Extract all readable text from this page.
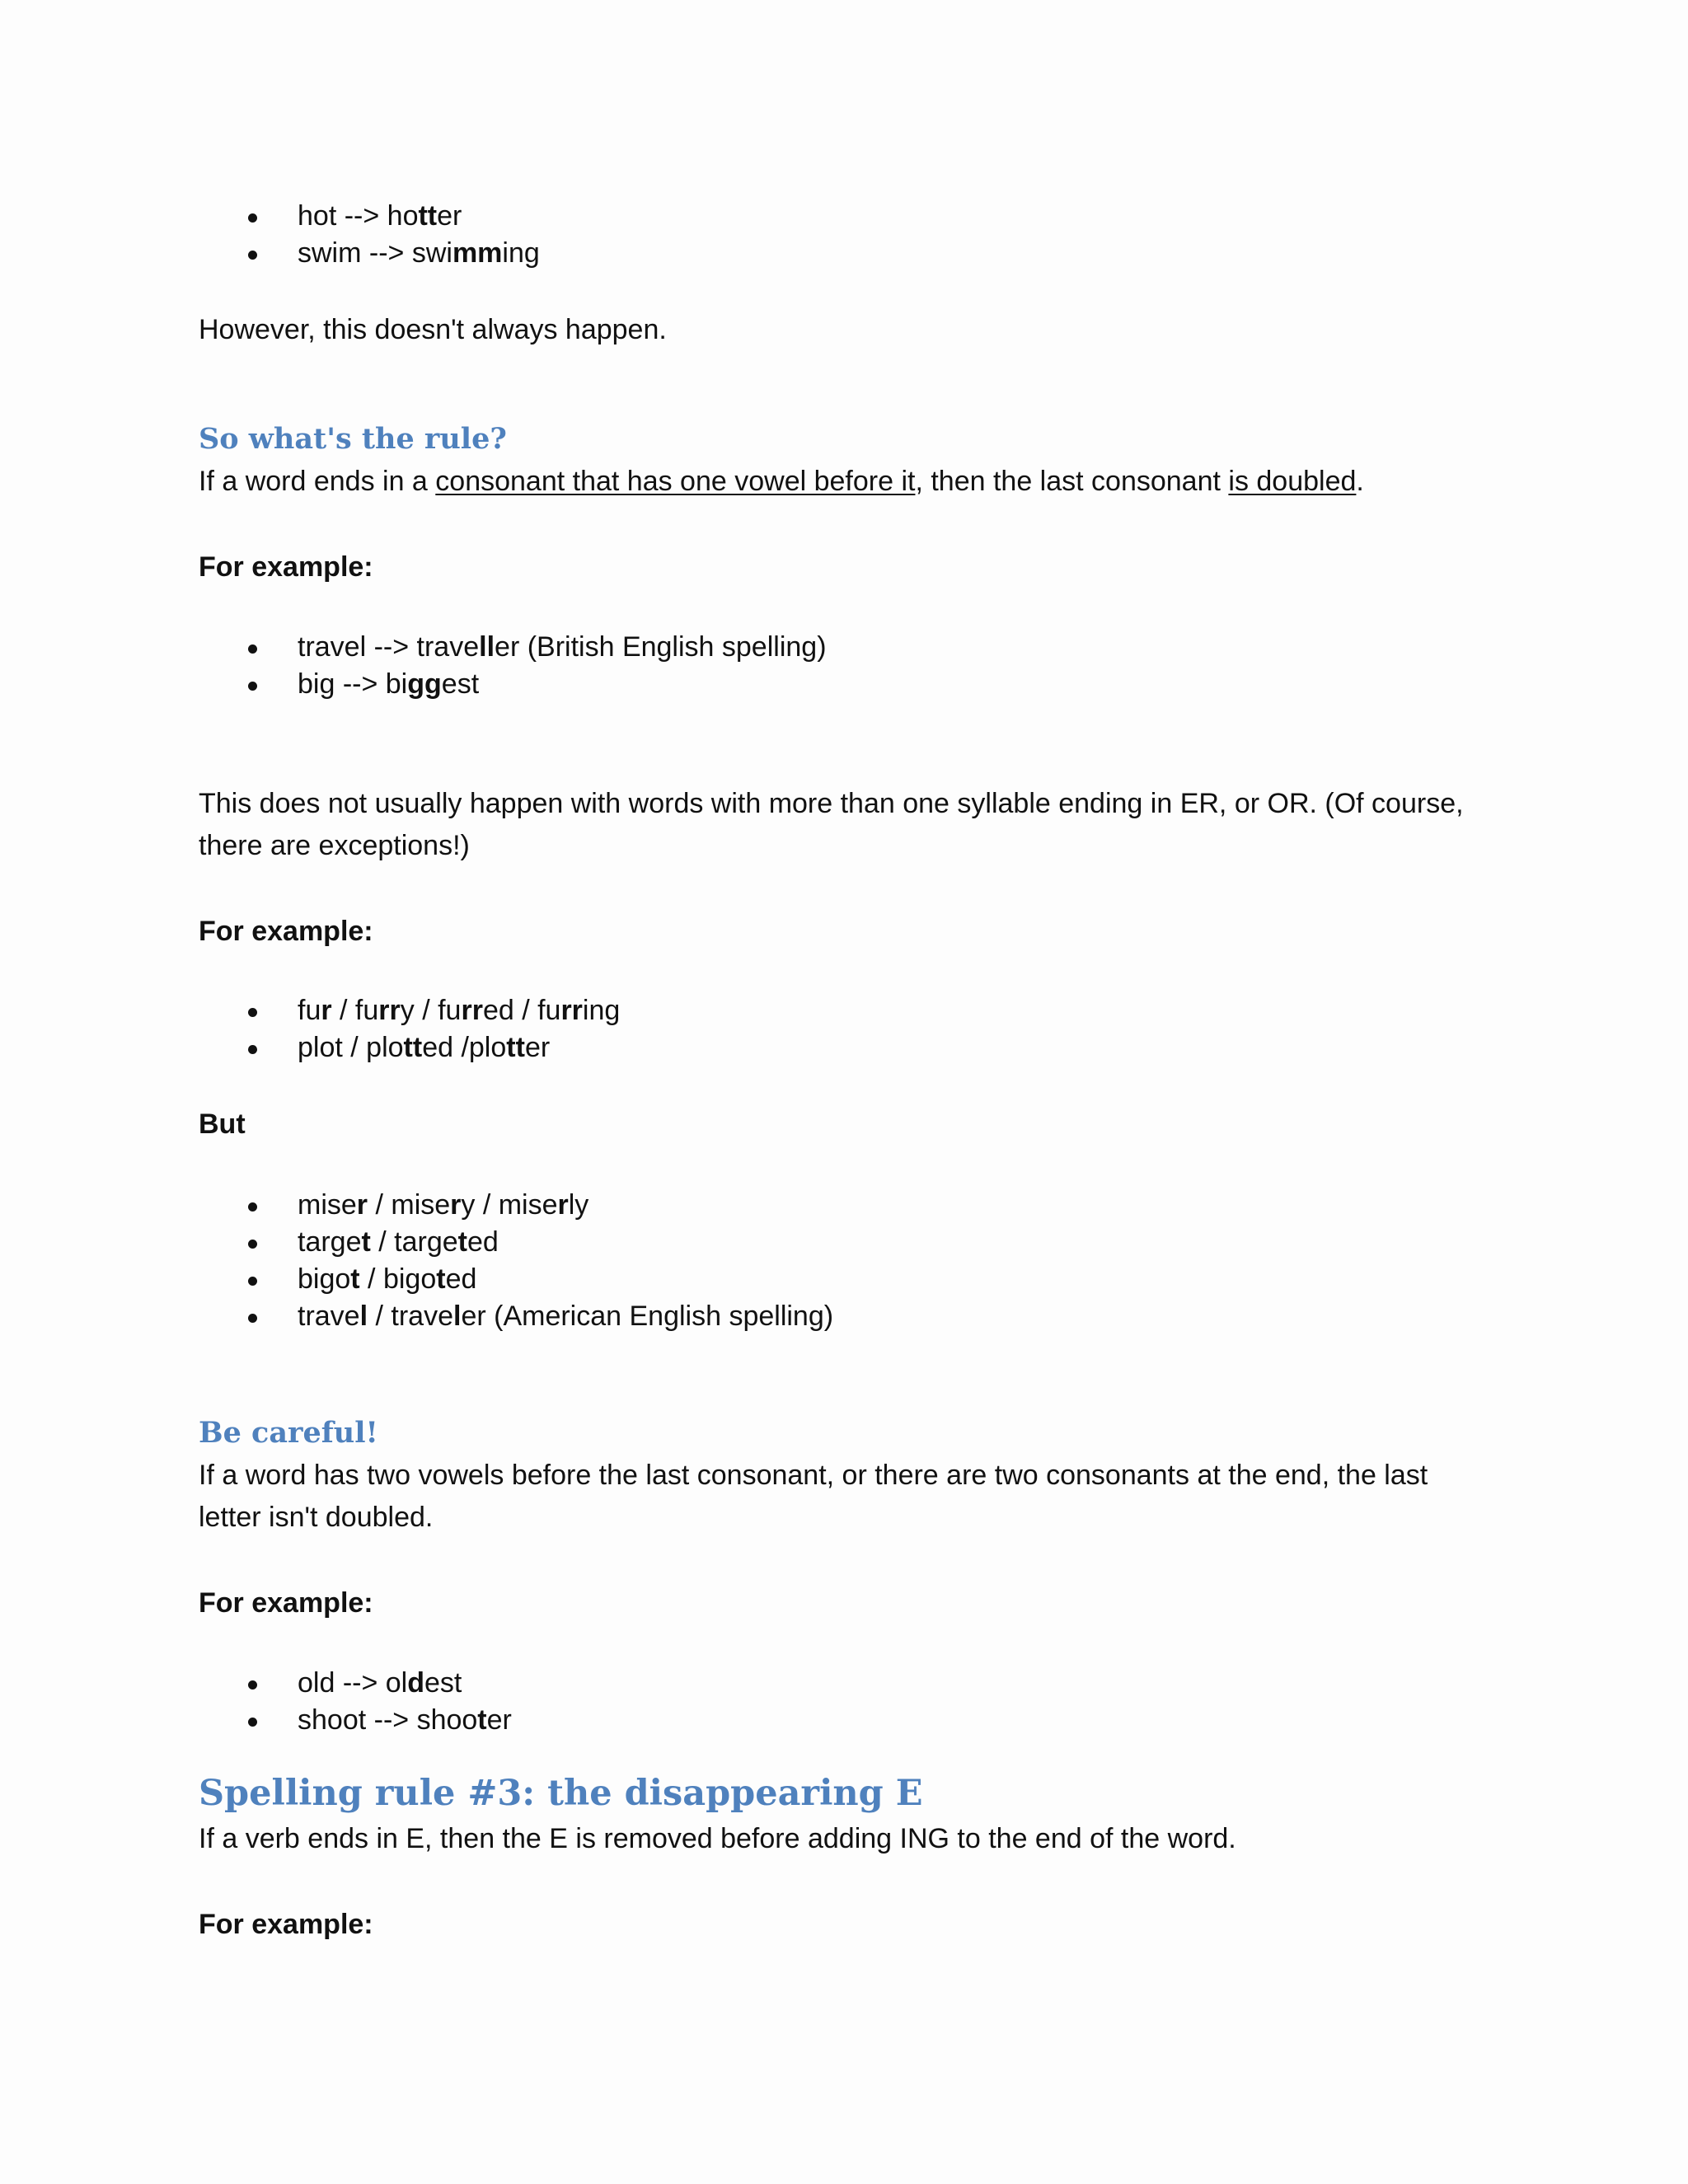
hot --> hotter
swim --> swimming

However, this doesn't always happen.

So what's the rule?

If a word ends in a consonant that has one vowel before it, then the last consonant is doubled.

For example:

travel --> traveller (British English spelling)
big --> biggest

This does not usually happen with words with more than one syllable ending in ER, or OR. (Of course, there are exceptions!)

For example:

fur / furry / furred / furring
plot / plotted /plotter

But

miser / misery / miserly
target / targeted
bigot / bigoted
travel / traveler (American English spelling)
Be careful!

If a word has two vowels before the last consonant, or there are two consonants at the end, the last letter isn't doubled.

For example:

old --> oldest
shoot --> shooter
Spelling rule #3: the disappearing E

If a verb ends in E, then the E is removed before adding ING to the end of the word.

For example:
